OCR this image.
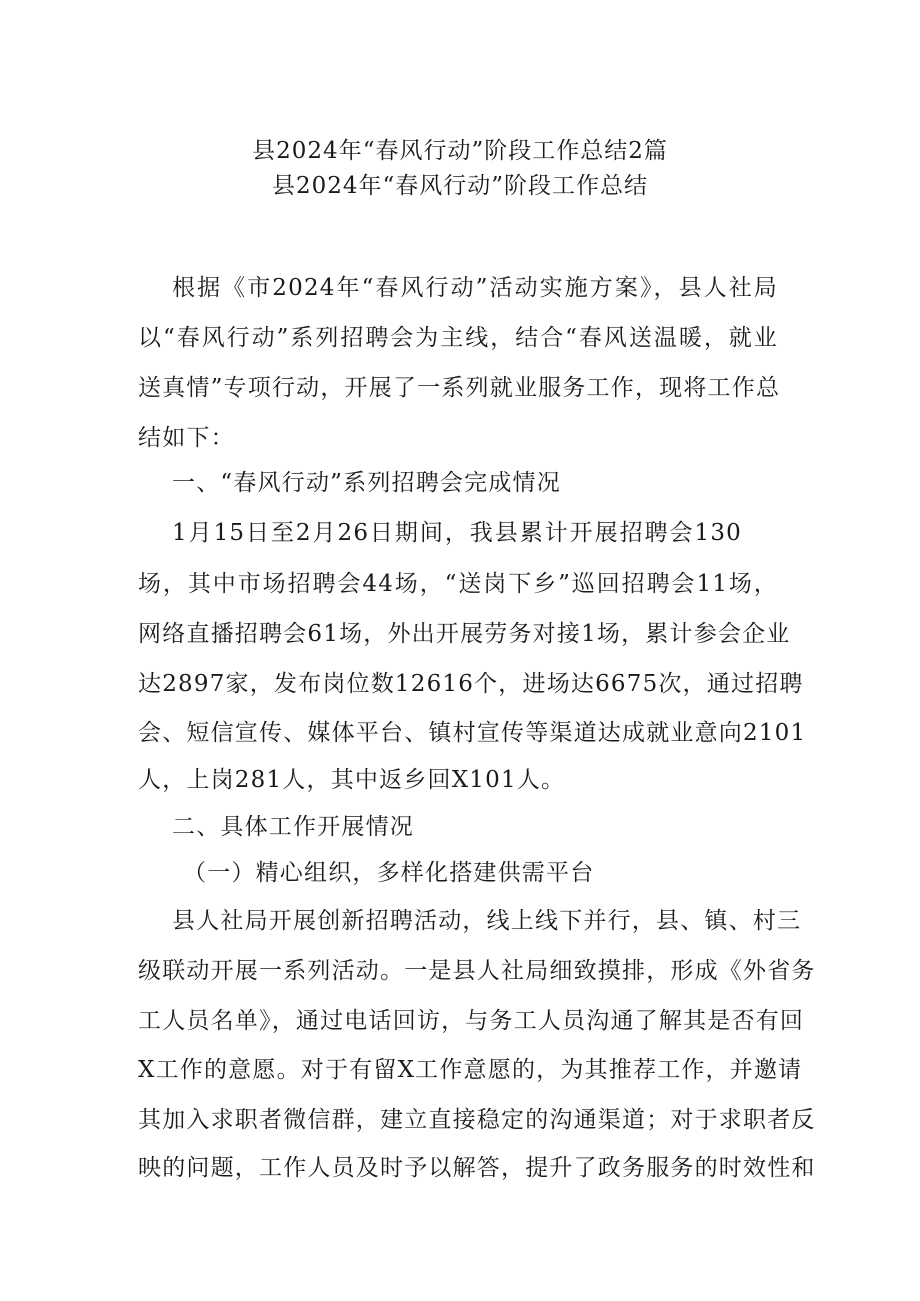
县2024年“春风行动”阶段工作总结2篇
县2024年“春风行动”阶段工作总结
根据《市2024年“春风行动”活动实施方案》，县人社局
以“春风行动”系列招聘会为主线，结合“春风送温暖，就业
送真情”专项行动，开展了一系列就业服务工作，现将工作总
结如下：
一、“春风行动”系列招聘会完成情况
1月15日至2月26日期间，我县累计开展招聘会130
场，其中市场招聘会44场，“送岗下乡”巡回招聘会11场，
网络直播招聘会61场，外出开展劳务对接1场，累计参会企业
达2897家，发布岗位数12616个，进场达6675次，通过招聘
会、短信宣传、媒体平台、镇村宣传等渠道达成就业意向2101
人，上岗281人，其中返乡回X101人。
二、具体工作开展情况
（一）精心组织，多样化搭建供需平台
县人社局开展创新招聘活动，线上线下并行，县、镇、村三
级联动开展一系列活动。一是县人社局细致摸排，形成《外省务
工人员名单》，通过电话回访，与务工人员沟通了解其是否有回
X工作的意愿。对于有留X工作意愿的，为其推荐工作，并邀请
其加入求职者微信群，建立直接稳定的沟通渠道；对于求职者反
映的问题，工作人员及时予以解答，提升了政务服务的时效性和
